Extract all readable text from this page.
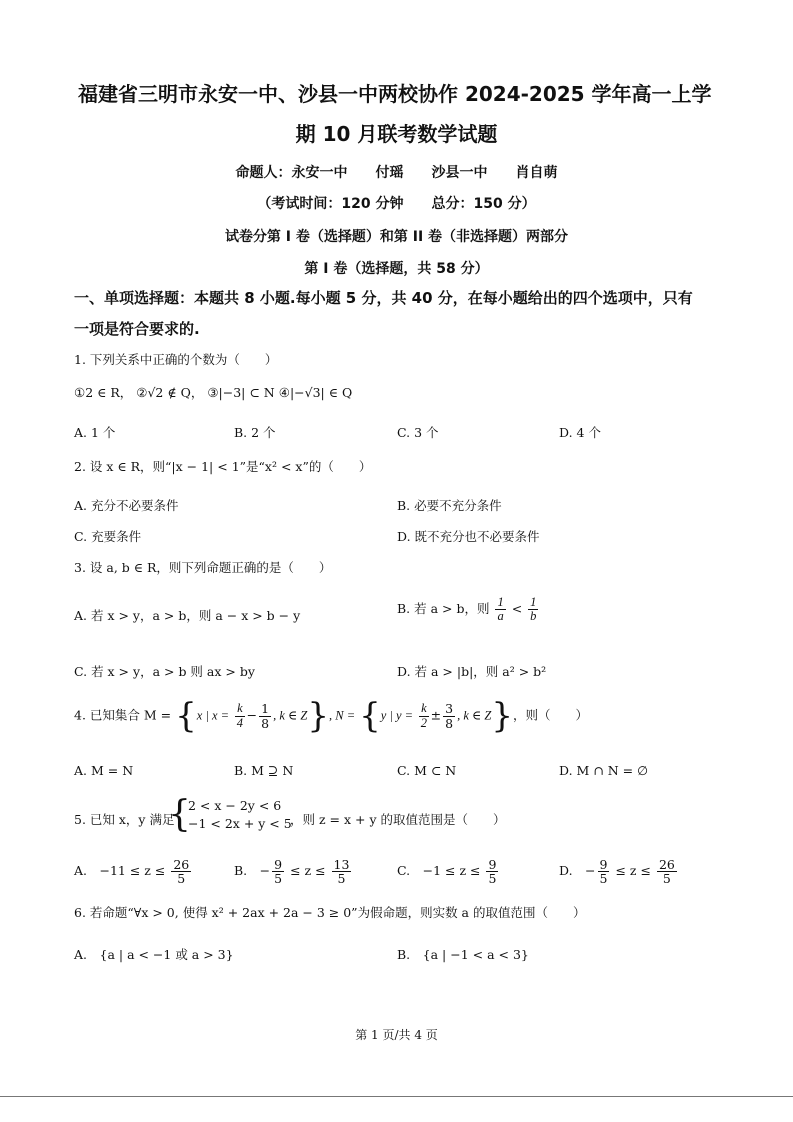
福建省三明市永安一中、沙县一中两校协作 2024-2025 学年高一上学
期 10 月联考数学试题
命题人：永安一中　　付瑶　　沙县一中　　肖自萌
（考试时间：120 分钟　　总分：150 分）
试卷分第 I 卷（选择题）和第 II 卷（非选择题）两部分
第 I 卷（选择题，共 58 分）
一、单项选择题：本题共 8 小题.每小题 5 分，共 40 分，在每小题给出的四个选项中，只有
一项是符合要求的.
1. 下列关系中正确的个数为（　　）
①2 ∈ R， ②√2 ∉ Q， ③|−3| ⊂ N ④|−√3| ∈ Q
A. 1 个	B. 2 个	C. 3 个	D. 4 个
2. 设 x ∈ R，则“|x − 1| < 1”是“x² < x”的（　　）
A. 充分不必要条件	B. 必要不充分条件
C. 充要条件	D. 既不充分也不必要条件
3. 设 a, b ∈ R，则下列命题正确的是（　　）
A. 若 x > y，a > b，则 a − x > b − y	B. 若 a > b，则 $\frac{1}{a} < \frac{1}{b}$
C. 若 x > y，a > b 则 ax > by	D. 若 a > |b|，则 a² > b²
4. 已知集合 M = {x | $x = \frac{k}{4} - \frac{1}{8}$ , k ∈ Z}, N = {y | $y = \frac{k}{2} \pm \frac{3}{8}$ , k ∈ Z}，则（　　）
A. M = N	B. M ⊇ N	C. M ⊂ N	D. M ∩ N = ∅
5. 已知 x，y 满足
{
2 < x − 2y < 6
−1 < 2x + y < 5
，则 z = x + y 的取值范围是（　　）
A.　$-11 \le z \le \frac{26}{5}$	B.　− $\frac{9}{5} \le z \le \frac{13}{5}$	C.　$-1 \le z \le \frac{9}{5}$	D.　− $\frac{9}{5} \le z \le \frac{26}{5}$
6. 若命题“∀x > 0, 使得 x² + 2ax + 2a − 3 ≥ 0”为假命题，则实数 a 的取值范围（　　）
A.　{a | a < −1 或 a > 3}	B.　{a | −1 < a < 3}
第 1 页/共 4 页
